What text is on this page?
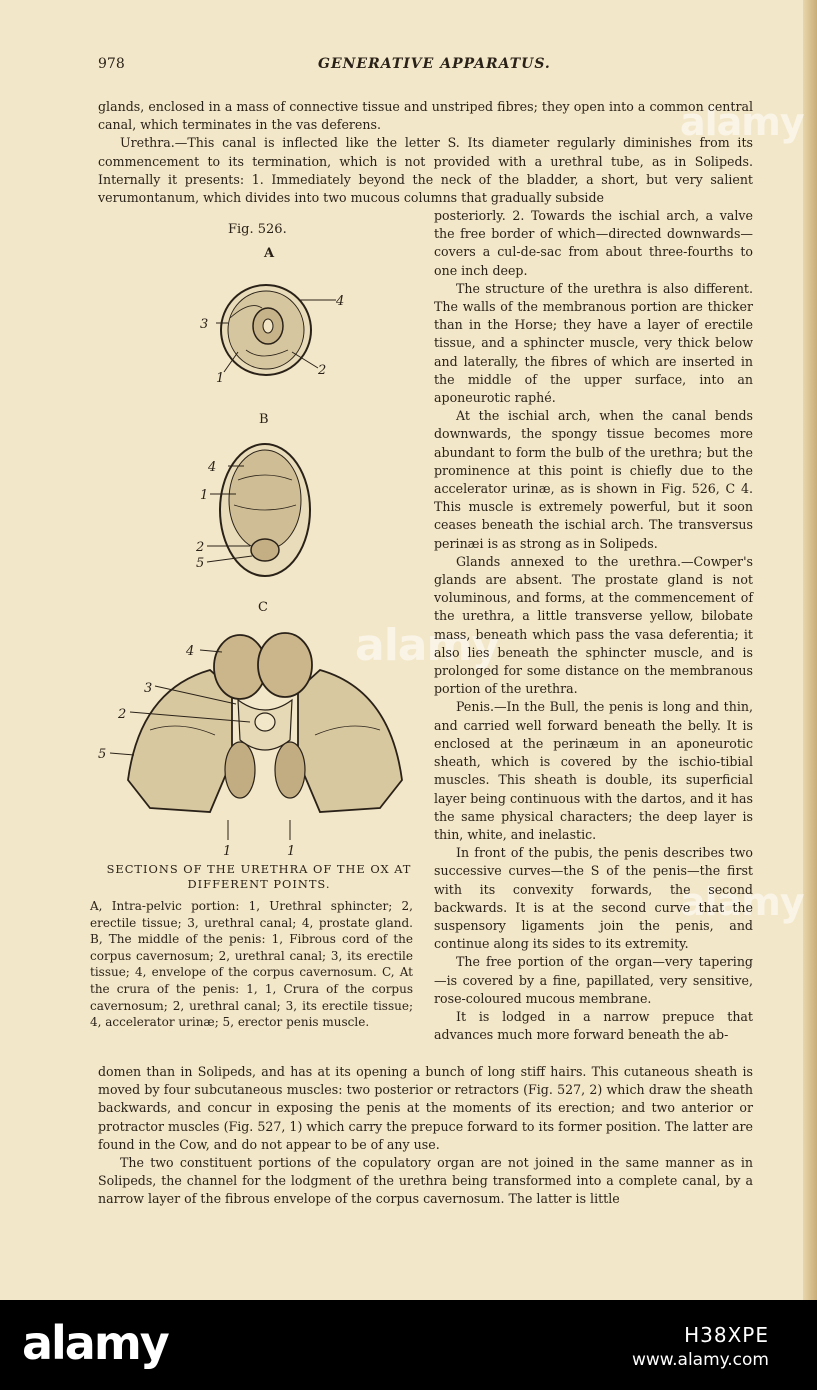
alamy
alamy
alamy
978	GENERATIVE APPARATUS.

glands, enclosed in a mass of connective tissue and unstriped fibres; they open into a common central canal, which terminates in the vas deferens.

Urethra.—This canal is inflected like the letter S. Its diameter regularly diminishes from its commencement to its termination, which is not provided with a urethral tube, as in Solipeds. Internally it presents: 1. Immediately beyond the neck of the bladder, a short, but very salient verumontanum, which divides into two mucous columns that gradually subside

posteriorly. 2. Towards the ischial arch, a valve the free border of which—directed downwards—covers a cul-de-sac from about three-fourths to one inch deep.

The structure of the urethra is also different. The walls of the membranous portion are thicker than in the Horse; they have a layer of erectile tissue, and a sphincter muscle, very thick below and laterally, the fibres of which are inserted in the middle of the upper surface, into an aponeurotic raphé.

At the ischial arch, when the canal bends downwards, the spongy tissue becomes more abundant to form the bulb of the urethra; but the prominence at this point is chiefly due to the accelerator urinæ, as is shown in Fig. 526, C 4. This muscle is extremely powerful, but it soon ceases beneath the ischial arch. The transversus perinæi is as strong as in Solipeds.

Glands annexed to the urethra.—Cowper's glands are absent. The prostate gland is not voluminous, and forms, at the commencement of the urethra, a little transverse yellow, bilobate mass, beneath which pass the vasa deferentia; it also lies beneath the sphincter muscle, and is prolonged for some distance on the membranous portion of the urethra.

Penis.—In the Bull, the penis is long and thin, and carried well forward beneath the belly. It is enclosed at the perinæum in an aponeurotic sheath, which is covered by the ischio-tibial muscles. This sheath is double, its superficial layer being continuous with the dartos, and it has the same physical characters; the deep layer is thin, white, and inelastic.

In front of the pubis, the penis describes two successive curves—the S of the penis—the first with its convexity forwards, the second backwards. It is at the second curve that the suspensory ligaments join the penis, and continue along its sides to its extremity.

The free portion of the organ—very tapering—is covered by a fine, papillated, very sensitive, rose-coloured mucous membrane.

It is lodged in a narrow prepuce that advances much more forward beneath the ab-

domen than in Solipeds, and has at its opening a bunch of long stiff hairs. This cutaneous sheath is moved by four subcutaneous muscles: two posterior or retractors (Fig. 527, 2) which draw the sheath backwards, and concur in exposing the penis at the moments of its erection; and two anterior or protractor muscles (Fig. 527, 1) which carry the prepuce forward to its former position. The latter are found in the Cow, and do not appear to be of any use.

The two constituent portions of the copulatory organ are not joined in the same manner as in Solipeds, the channel for the lodgment of the urethra being transformed into a complete canal, by a narrow layer of the fibrous envelope of the corpus cavernosum. The latter is little

Fig. 526.
A
B
C
4
3
1
2
4
1
2
5
4
3
2
5
1	1
SECTIONS OF THE URETHRA OF THE OX AT DIFFERENT POINTS.
A, Intra-pelvic portion: 1, Urethral sphincter; 2, erectile tissue; 3, urethral canal; 4, prostate gland. B, The middle of the penis: 1, Fibrous cord of the corpus cavernosum; 2, urethral canal; 3, its erectile tissue; 4, envelope of the corpus cavernosum. C, At the crura of the penis: 1, 1, Crura of the corpus cavernosum; 2, urethral canal; 3, its erectile tissue; 4, accelerator urinæ; 5, erector penis muscle.
alamy	H38XPE
www.alamy.com
